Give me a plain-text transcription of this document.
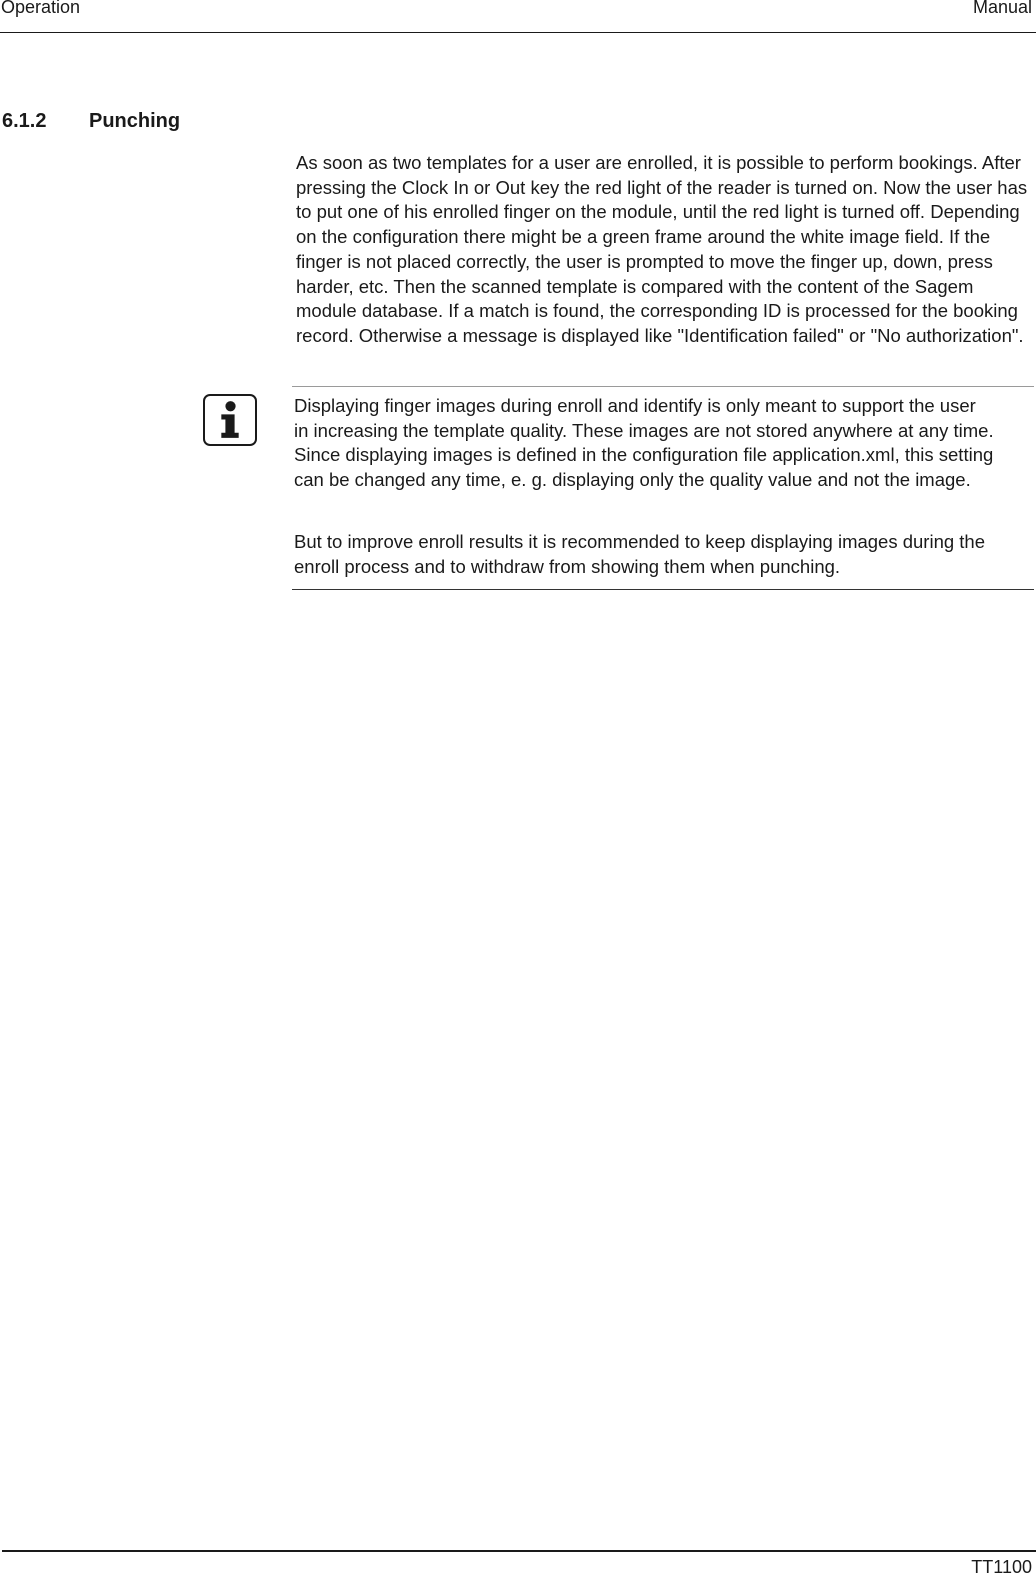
Operation	Manual
6.1.2 Punching

As soon as two templates for a user are enrolled, it is possible to perform bookings. After pressing the Clock In or Out key the red light of the reader is turned on. Now the user has to put one of his enrolled finger on the module, until the red light is turned off. Depending on the configuration there might be a green frame around the white image field. If the finger is not placed correctly, the user is prompted to move the finger up, down, press harder, etc. Then the scanned template is compared with the content of the Sagem module database. If a match is found, the corresponding ID is processed for the booking record. Otherwise a message is displayed like "Identification failed" or "No authorization".

Displaying finger images during enroll and identify is only meant to support the user in increasing the template quality. These images are not stored anywhere at any time. Since displaying images is defined in the configuration file application.xml, this setting can be changed any time, e. g. displaying only the quality value and not the image.

But to improve enroll results it is recommended to keep displaying images during the enroll process and to withdraw from showing them when punching.

TT1100
